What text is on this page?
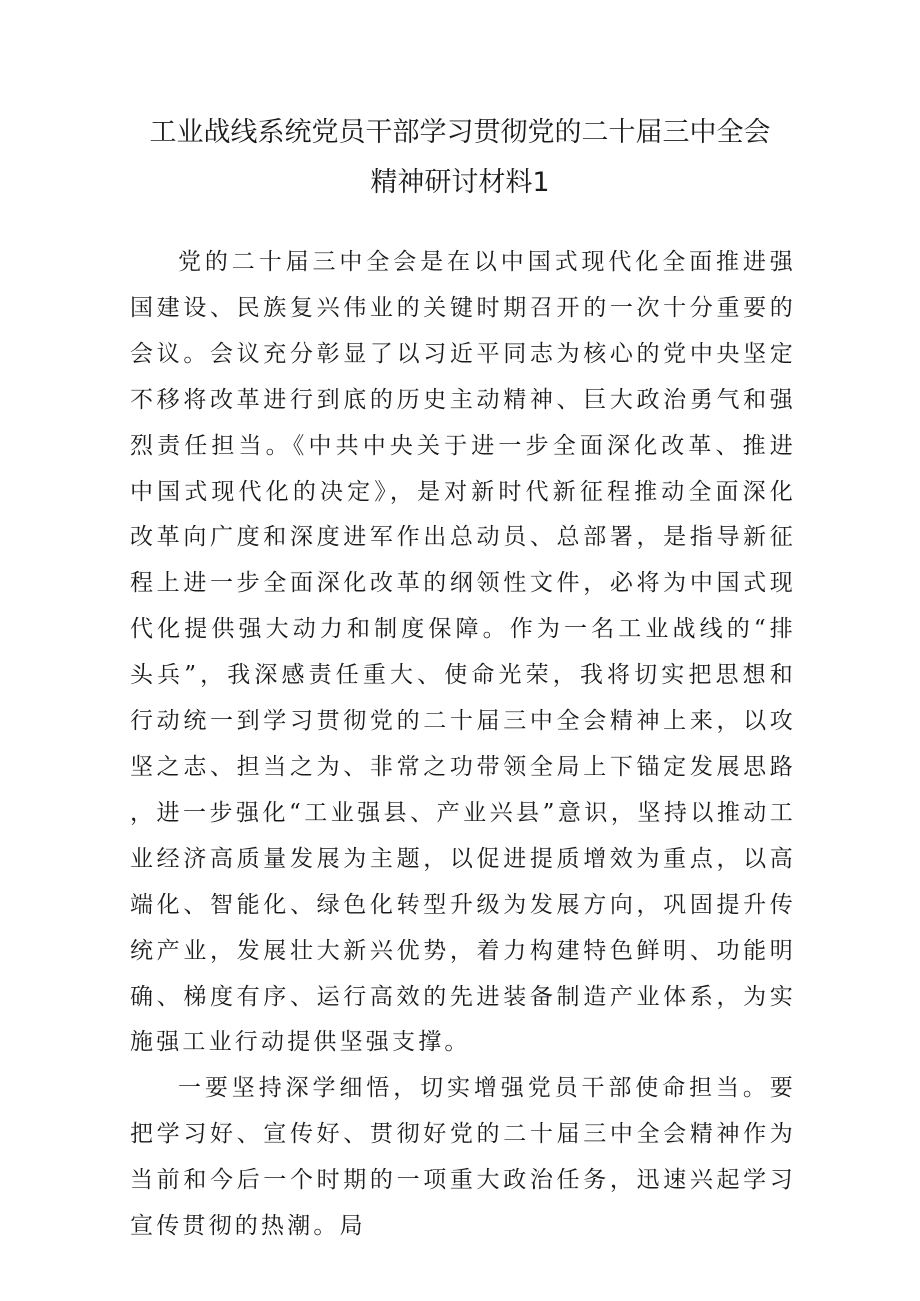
工业战线系统党员干部学习贯彻党的二十届三中全会
精神研讨材料1

党的二十届三中全会是在以中国式现代化全面推进强国建设、民族复兴伟业的关键时期召开的一次十分重要的会议。会议充分彰显了以习近平同志为核心的党中央坚定不移将改革进行到底的历史主动精神、巨大政治勇气和强烈责任担当。《中共中央关于进一步全面深化改革、推进中国式现代化的决定》，是对新时代新征程推动全面深化改革向广度和深度进军作出总动员、总部署，是指导新征程上进一步全面深化改革的纲领性文件，必将为中国式现代化提供强大动力和制度保障。作为一名工业战线的“排头兵”，我深感责任重大、使命光荣，我将切实把思想和行动统一到学习贯彻党的二十届三中全会精神上来，以攻坚之志、担当之为、非常之功带领全局上下锚定发展思路，进一步强化“工业强县、产业兴县”意识，坚持以推动工业经济高质量发展为主题，以促进提质增效为重点，以高端化、智能化、绿色化转型升级为发展方向，巩固提升传统产业，发展壮大新兴优势，着力构建特色鲜明、功能明确、梯度有序、运行高效的先进装备制造产业体系，为实施强工业行动提供坚强支撑。

一要坚持深学细悟，切实增强党员干部使命担当。要把学习好、宣传好、贯彻好党的二十届三中全会精神作为当前和今后一个时期的一项重大政治任务，迅速兴起学习宣传贯彻的热潮。局
